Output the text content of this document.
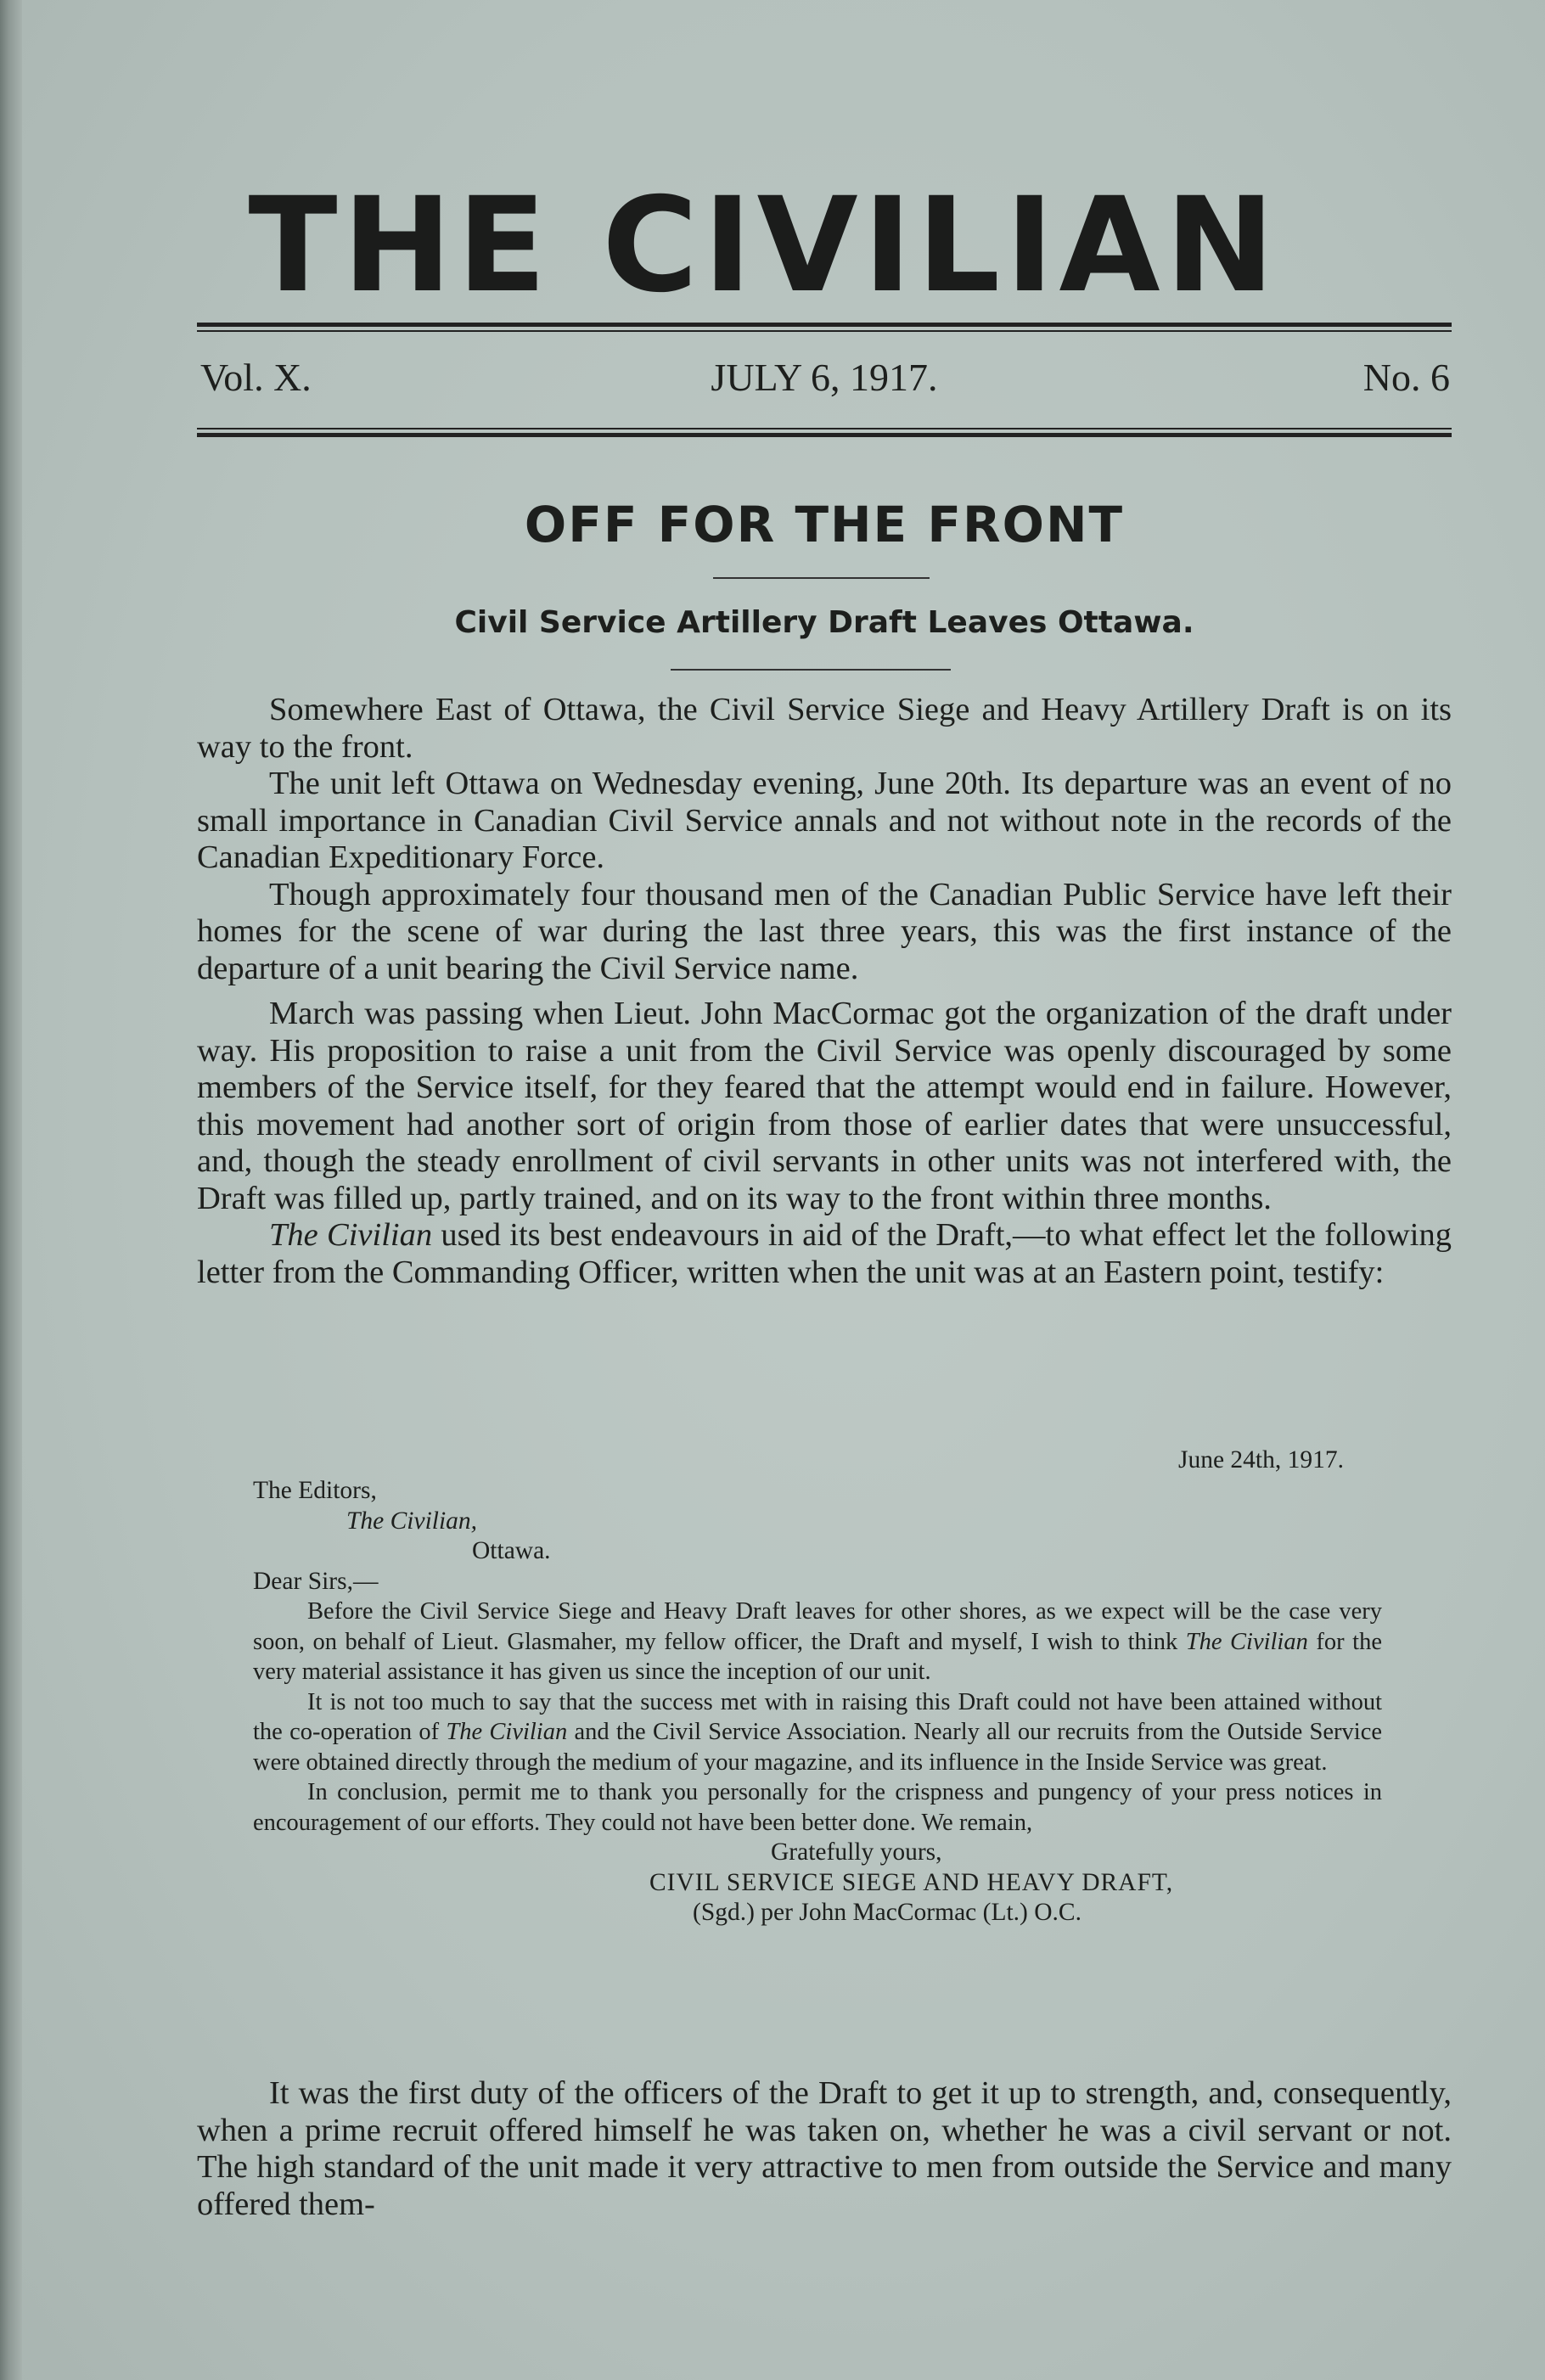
THE CIVILIAN
Vol. X.	JULY 6, 1917.	No. 6
OFF FOR THE FRONT
Civil Service Artillery Draft Leaves Ottawa.

Somewhere East of Ottawa, the Civil Service Siege and Heavy Artillery Draft is on its way to the front.

The unit left Ottawa on Wednesday evening, June 20th. Its departure was an event of no small importance in Canadian Civil Service annals and not without note in the records of the Canadian Expeditionary Force.

Though approximately four thousand men of the Canadian Public Service have left their homes for the scene of war during the last three years, this was the first instance of the departure of a unit bearing the Civil Service name.

March was passing when Lieut. John MacCormac got the organization of the draft under way. His proposition to raise a unit from the Civil Service was openly discouraged by some members of the Service itself, for they feared that the attempt would end in failure. However, this movement had another sort of origin from those of earlier dates that were unsuccessful, and, though the steady enrollment of civil servants in other units was not interfered with, the Draft was filled up, partly trained, and on its way to the front within three months.

The Civilian used its best endeavours in aid of the Draft,—to what effect let the following letter from the Commanding Officer, written when the unit was at an Eastern point, testify:

June 24th, 1917.
The Editors,
The Civilian,
Ottawa.
Dear Sirs,—

Before the Civil Service Siege and Heavy Draft leaves for other shores, as we expect will be the case very soon, on behalf of Lieut. Glasmaher, my fellow officer, the Draft and myself, I wish to think The Civilian for the very material assistance it has given us since the inception of our unit.

It is not too much to say that the success met with in raising this Draft could not have been attained without the co-operation of The Civilian and the Civil Service Association. Nearly all our recruits from the Outside Service were obtained directly through the medium of your magazine, and its influence in the Inside Service was great.

In conclusion, permit me to thank you personally for the crispness and pungency of your press notices in encouragement of our efforts. They could not have been better done. We remain,

Gratefully yours,
CIVIL SERVICE SIEGE AND HEAVY DRAFT,
(Sgd.) per John MacCormac (Lt.) O.C.

It was the first duty of the officers of the Draft to get it up to strength, and, consequently, when a prime recruit offered himself he was taken on, whether he was a civil servant or not. The high standard of the unit made it very attractive to men from outside the Service and many offered them-
